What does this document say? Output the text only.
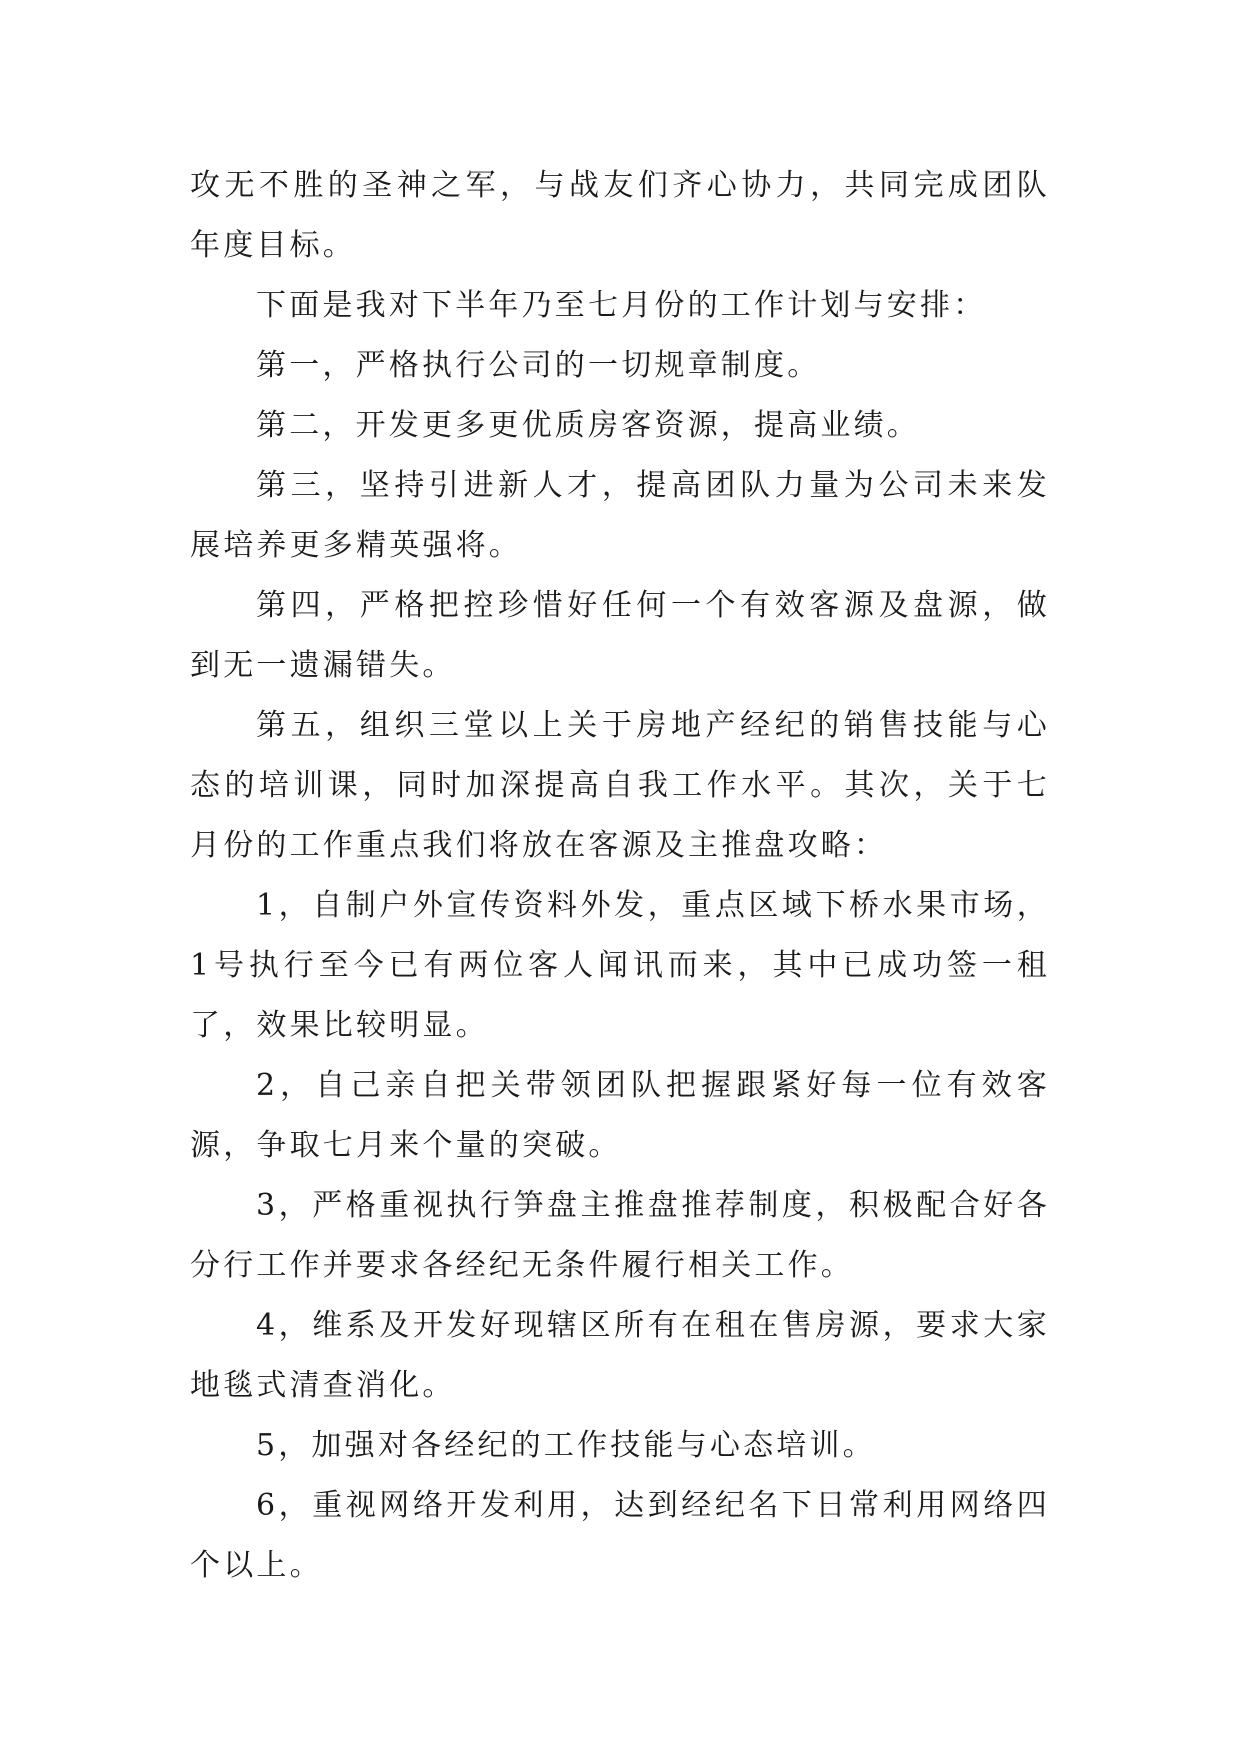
攻无不胜的圣神之军，与战友们齐心协力，共同完成团队年度目标。

下面是我对下半年乃至七月份的工作计划与安排：

第一，严格执行公司的一切规章制度。

第二，开发更多更优质房客资源，提高业绩。

第三，坚持引进新人才，提高团队力量为公司未来发展培养更多精英强将。

第四，严格把控珍惜好任何一个有效客源及盘源，做到无一遗漏错失。

第五，组织三堂以上关于房地产经纪的销售技能与心态的培训课，同时加深提高自我工作水平。其次，关于七月份的工作重点我们将放在客源及主推盘攻略：

1，自制户外宣传资料外发，重点区域下桥水果市场，1号执行至今已有两位客人闻讯而来，其中已成功签一租了，效果比较明显。

2，自己亲自把关带领团队把握跟紧好每一位有效客源，争取七月来个量的突破。

3，严格重视执行笋盘主推盘推荐制度，积极配合好各分行工作并要求各经纪无条件履行相关工作。

4，维系及开发好现辖区所有在租在售房源，要求大家地毯式清查消化。

5，加强对各经纪的工作技能与心态培训。

6，重视网络开发利用，达到经纪名下日常利用网络四个以上。
